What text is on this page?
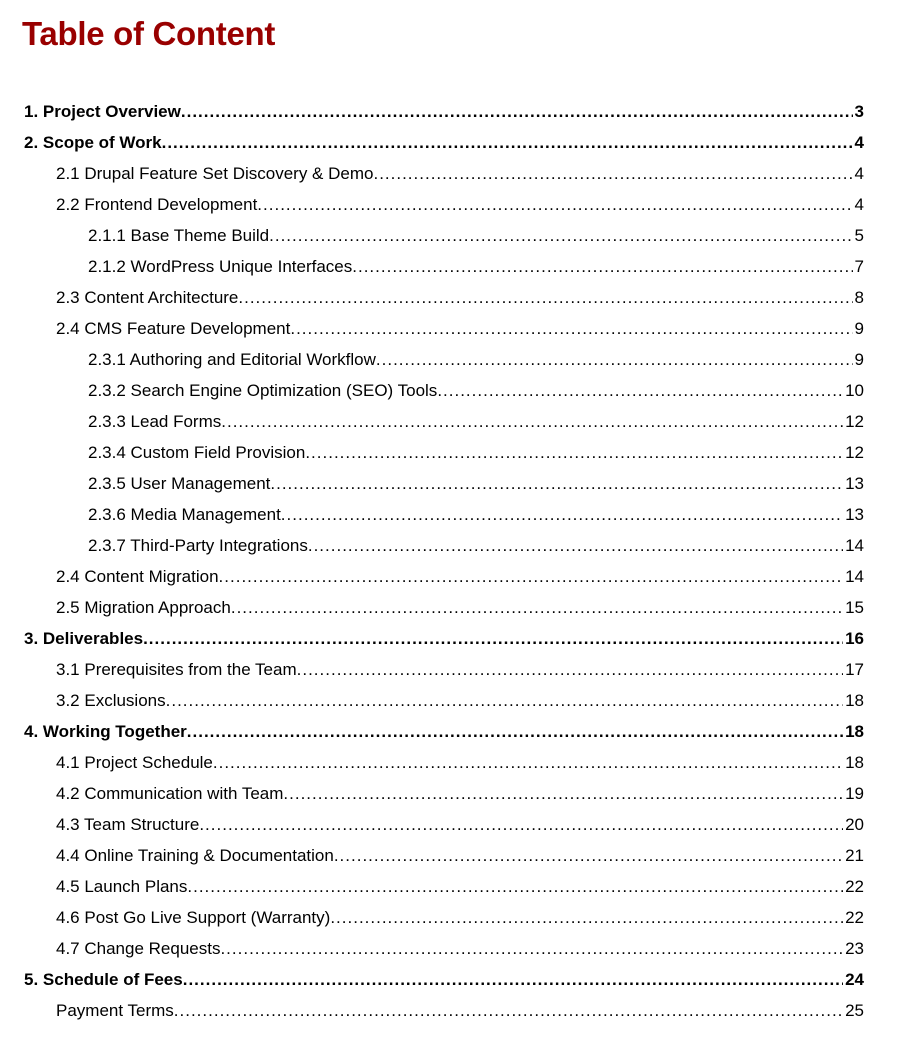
Table of Content
1. Project Overview .....	3
2. Scope of Work .....	4
2.1 Drupal Feature Set Discovery & Demo .....	4
2.2 Frontend Development .....	4
2.1.1 Base Theme Build .....	5
2.1.2 WordPress Unique Interfaces .....	7
2.3 Content Architecture .....	8
2.4 CMS Feature Development .....	9
2.3.1 Authoring and Editorial Workflow .....	9
2.3.2 Search Engine Optimization (SEO) Tools .....	10
2.3.3 Lead Forms .....	12
2.3.4 Custom Field Provision .....	12
2.3.5 User Management .....	13
2.3.6 Media Management .....	13
2.3.7 Third-Party Integrations .....	14
2.4 Content Migration .....	14
2.5 Migration Approach .....	15
3. Deliverables .....	16
3.1 Prerequisites from the Team .....	17
3.2 Exclusions .....	18
4. Working Together .....	18
4.1 Project Schedule .....	18
4.2 Communication with Team .....	19
4.3 Team Structure .....	20
4.4 Online Training & Documentation .....	21
4.5 Launch Plans .....	22
4.6 Post Go Live Support (Warranty) .....	22
4.7 Change Requests .....	23
5. Schedule of Fees .....	24
Payment Terms .....	25
